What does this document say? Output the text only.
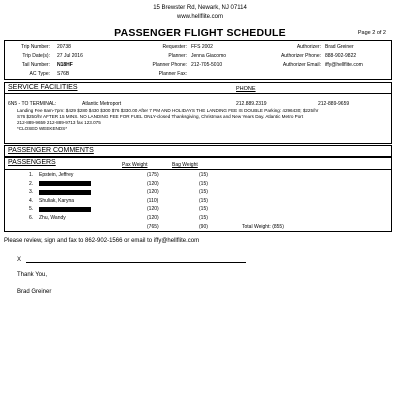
15 Brewster Rd, Newark, NJ 07114
www.hellflite.com
PASSENGER FLIGHT SCHEDULE	Page 2 of 2
Trip Number: 20738
Trip Date(s): 27 Jul 2016
Tail Number: N18HF
AC Type: S76B
Requester: FFS 2002
Planner: Jenna Giacomo
Planner Phone: 212-705-5010
Planner Fax:
Authorizer: Brad Greiner
Authorizer Phone: 888-902-9822
Authorizer Email: iffy@hellflite.com
SERVICE FACILITIES	PHONE
6N5 - TO TERMINAL:	Atlantic Metroport	212.889.2319	212-889-9659
Landing Fee 8am-7pm: $429 $280 $430 $300 $76 $330.00 After 7 PM AND HOLIDAYS THE LANDING FEE IS DOUBLE Parking: 4296430; $225/hr
S76 $250/hr AFTER 15 MINS. NO LANDING FEE FOR FUEL ONLY-closed Thanksgiving, Christmas and New Years Day. Atlantic Metro Port
212-889-9659 212-889-9713 fax 123.075
*CLOSED WEEKENDS*
PASSENGER COMMENTS
PASSENGERS	Pax Weight	Bag Weight
1. Epstein, Jeffrey	(175)	(15)
2.	(120)	(15)
3.	(120)	(15)
4. Shuliak, Karyna	(110)	(15)
5.	(120)	(15)
6. Zhu, Wandy	(120)	(15)
(765)	(90)	Total Weight: (855)
Please review, sign and fax to 862-902-1566 or email to iffy@hellflite.com
X
Thank You,
Brad Greiner
